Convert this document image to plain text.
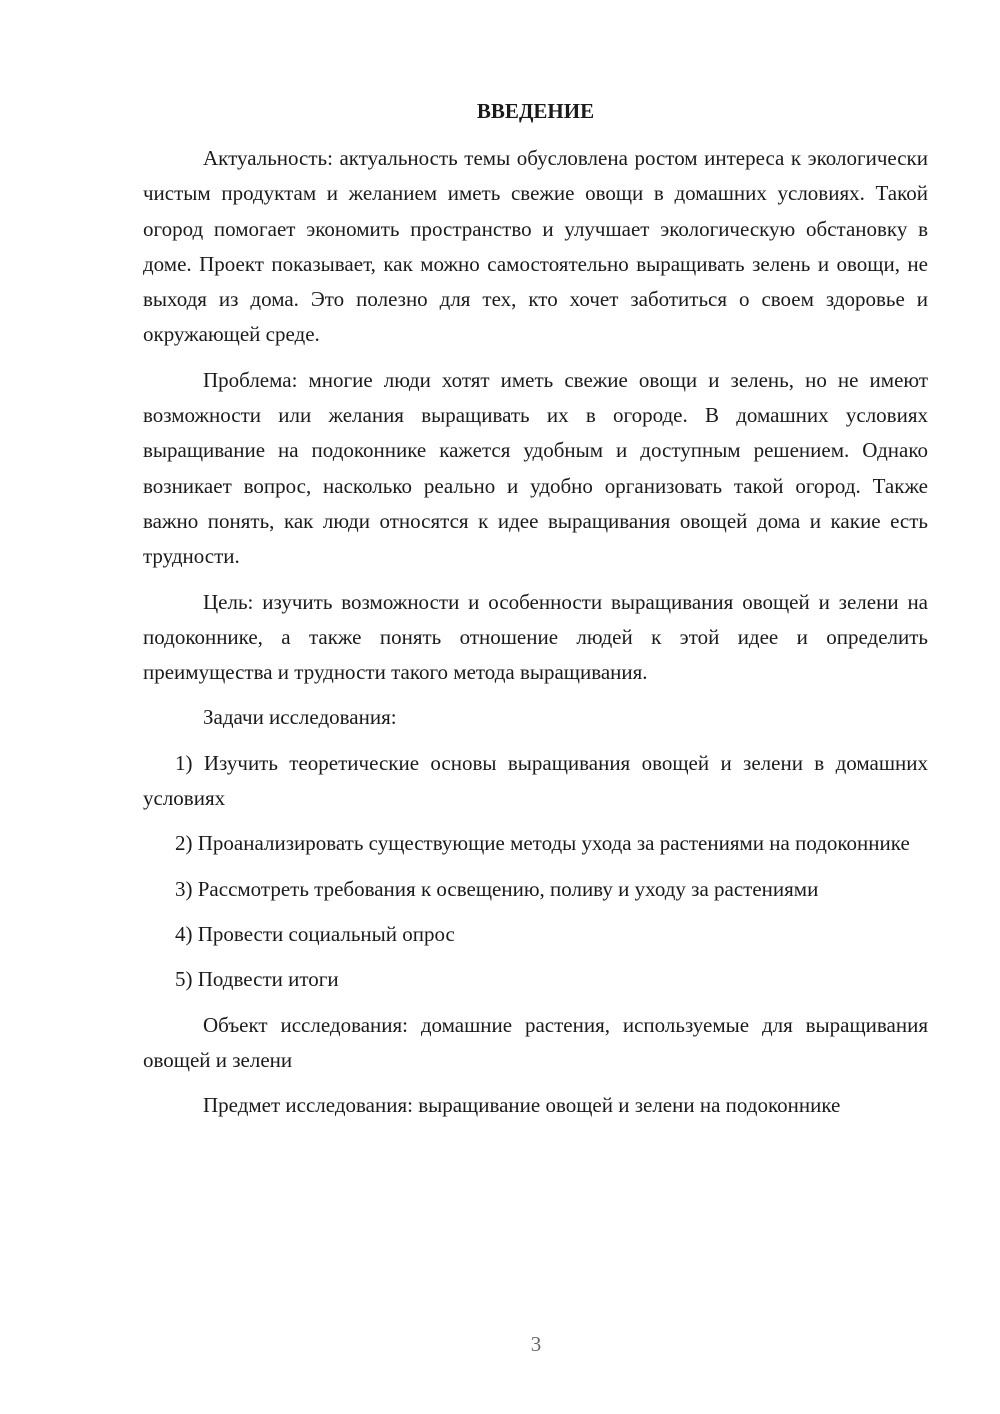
ВВЕДЕНИЕ

Актуальность: актуальность темы обусловлена ростом интереса к экологически чистым продуктам и желанием иметь свежие овощи в домашних условиях. Такой огород помогает экономить пространство и улучшает экологическую обстановку в доме. Проект показывает, как можно самостоятельно выращивать зелень и овощи, не выходя из дома. Это полезно для тех, кто хочет заботиться о своем здоровье и окружающей среде.

Проблема: многие люди хотят иметь свежие овощи и зелень, но не имеют возможности или желания выращивать их в огороде. В домашних условиях выращивание на подоконнике кажется удобным и доступным решением. Однако возникает вопрос, насколько реально и удобно организовать такой огород. Также важно понять, как люди относятся к идее выращивания овощей дома и какие есть трудности.

Цель: изучить возможности и особенности выращивания овощей и зелени на подоконнике, а также понять отношение людей к этой идее и определить преимущества и трудности такого метода выращивания.

Задачи исследования:

1) Изучить теоретические основы выращивания овощей и зелени в домашних условиях

2) Проанализировать существующие методы ухода за растениями на подоконнике

3) Рассмотреть требования к освещению, поливу и уходу за растениями

4) Провести социальный опрос

5) Подвести итоги

Объект исследования: домашние растения, используемые для выращивания овощей и зелени

Предмет исследования: выращивание овощей и зелени на подоконнике

3
